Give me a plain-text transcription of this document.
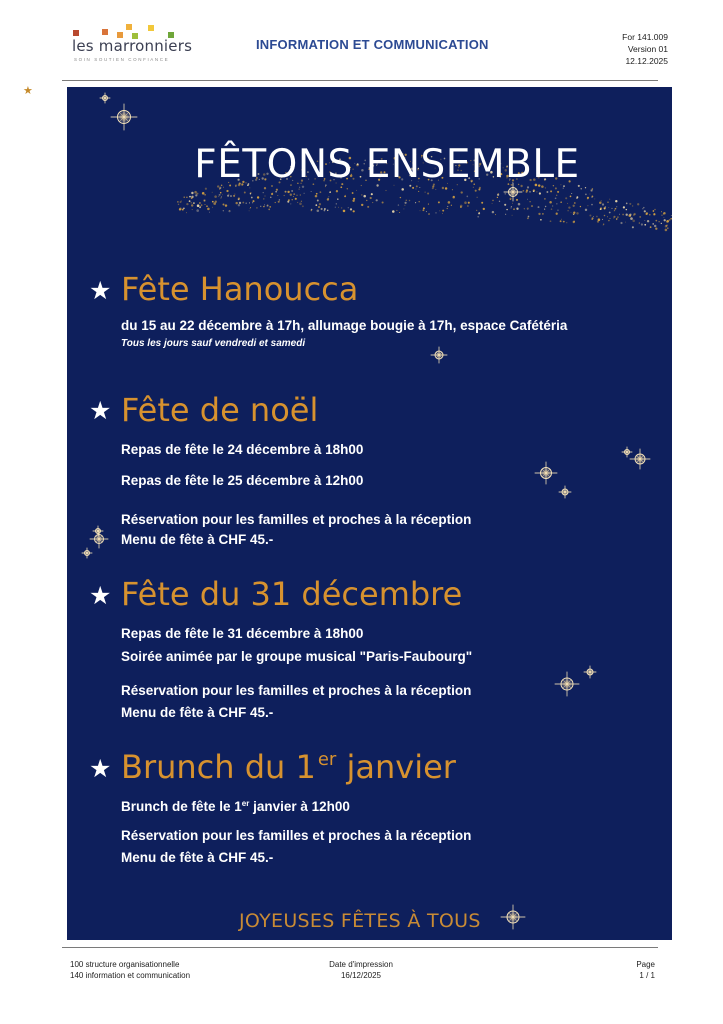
les marronniers
SOIN SOUTIEN CONFIANCE
INFORMATION ET COMMUNICATION	For 141.009
Version 01
12.12.2025
★
FÊTONS ENSEMBLE
★ Fête Hanoucca
du 15 au 22 décembre à 17h, allumage bougie à 17h, espace Cafétéria
Tous les jours sauf vendredi et samedi
★ Fête de noël
Repas de fête le 24 décembre à 18h00
Repas de fête le 25 décembre à 12h00
Réservation pour les familles et proches à la réception
Menu de fête à CHF 45.-
★ Fête du 31 décembre
Repas de fête le 31 décembre à 18h00
Soirée animée par le groupe musical "Paris-Faubourg"
Réservation pour les familles et proches à la réception
Menu de fête à CHF 45.-
★ Brunch du 1 $^{er}$ janvier
Brunch de fête le 1er janvier à 12h00
Réservation pour les familles et proches à la réception
Menu de fête à CHF 45.-
JOYEUSES FÊTES À TOUS
100 structure organisationnelle
140 information et communication
Date d'impression
16/12/2025
Page
1 / 1
